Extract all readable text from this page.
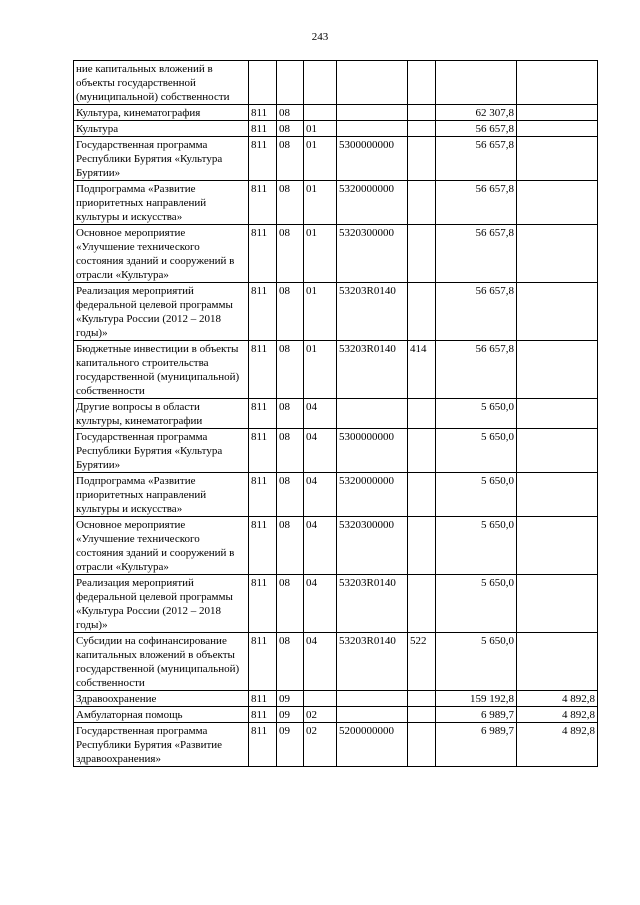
243
ние капитальных вложений в объекты государственной (муниципальной) собственности							
Культура, кинематография	811	08				62 307,8	
Культура	811	08	01			56 657,8	
Государственная программа Республики Бурятия «Культура Бурятии»	811	08	01	5300000000		56 657,8	
Подпрограмма «Развитие приоритетных направлений культуры и искусства»	811	08	01	5320000000		56 657,8	
Основное мероприятие «Улучшение технического состояния зданий и сооружений в отрасли «Культура»	811	08	01	5320300000		56 657,8	
Реализация мероприятий федеральной целевой программы «Культура России (2012 – 2018 годы)»	811	08	01	53203R0140		56 657,8	
Бюджетные инвестиции в объекты капитального строительства государственной (муниципальной) собственности	811	08	01	53203R0140	414	56 657,8	
Другие вопросы в области культуры, кинематографии	811	08	04			5 650,0	
Государственная программа Республики Бурятия «Культура Бурятии»	811	08	04	5300000000		5 650,0	
Подпрограмма «Развитие приоритетных направлений культуры и искусства»	811	08	04	5320000000		5 650,0	
Основное мероприятие «Улучшение технического состояния зданий и сооружений в отрасли «Культура»	811	08	04	5320300000		5 650,0	
Реализация мероприятий федеральной целевой программы «Культура России (2012 – 2018 годы)»	811	08	04	53203R0140		5 650,0	
Субсидии на софинансирование капитальных вложений в объекты государственной (муниципальной) собственности	811	08	04	53203R0140	522	5 650,0	
Здравоохранение	811	09				159 192,8	4 892,8
Амбулаторная помощь	811	09	02			6 989,7	4 892,8
Государственная программа Республики Бурятия «Развитие здравоохранения»	811	09	02	5200000000		6 989,7	4 892,8
